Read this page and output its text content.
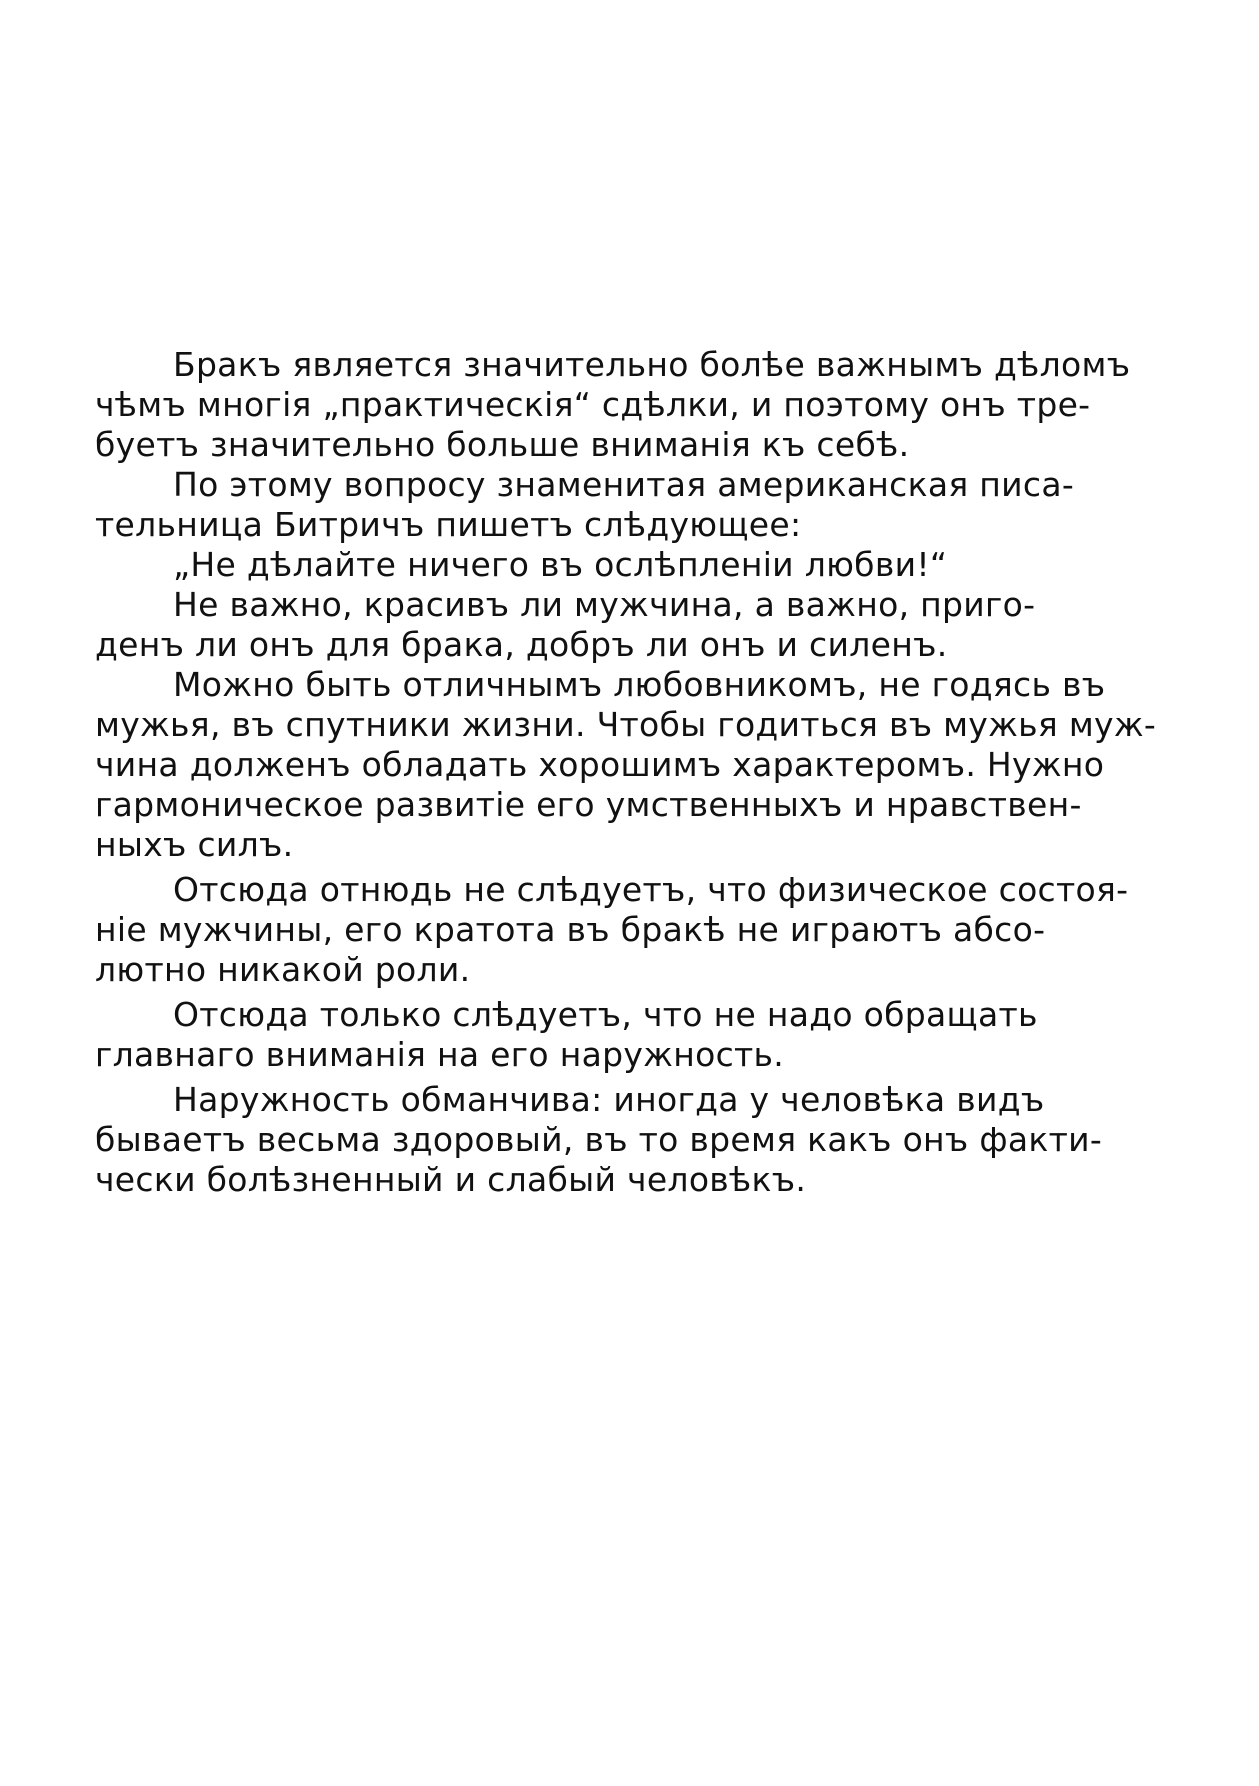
Бракъ является значительно болѣе важнымъ дѣломъ
чѣмъ многія „практическія“ сдѣлки, и поэтому онъ тре-
буетъ значительно больше вниманія къ себѣ.
По этому вопросу знаменитая американская писа-
тельница Битричъ пишетъ слѣдующее:
„Не дѣлайте ничего въ ослѣпленіи любви!“
Не важно, красивъ ли мужчина, а важно, приго-
денъ ли онъ для брака, добръ ли онъ и силенъ.
Можно быть отличнымъ любовникомъ, не годясь въ
мужья, въ спутники жизни. Чтобы годиться въ мужья муж-
чина долженъ обладать хорошимъ характеромъ. Нужно
гармоническое развитіе его умственныхъ и нравствен-
ныхъ силъ.
Отсюда отнюдь не слѣдуетъ, что физическое состоя-
ніе мужчины, его кратота въ бракѣ не играютъ абсо-
лютно никакой роли.
Отсюда только слѣдуетъ, что не надо обращать
главнаго вниманія на его наружность.
Наружность обманчива: иногда у человѣка видъ
бываетъ весьма здоровый, въ то время какъ онъ факти-
чески болѣзненный и слабый человѣкъ.
